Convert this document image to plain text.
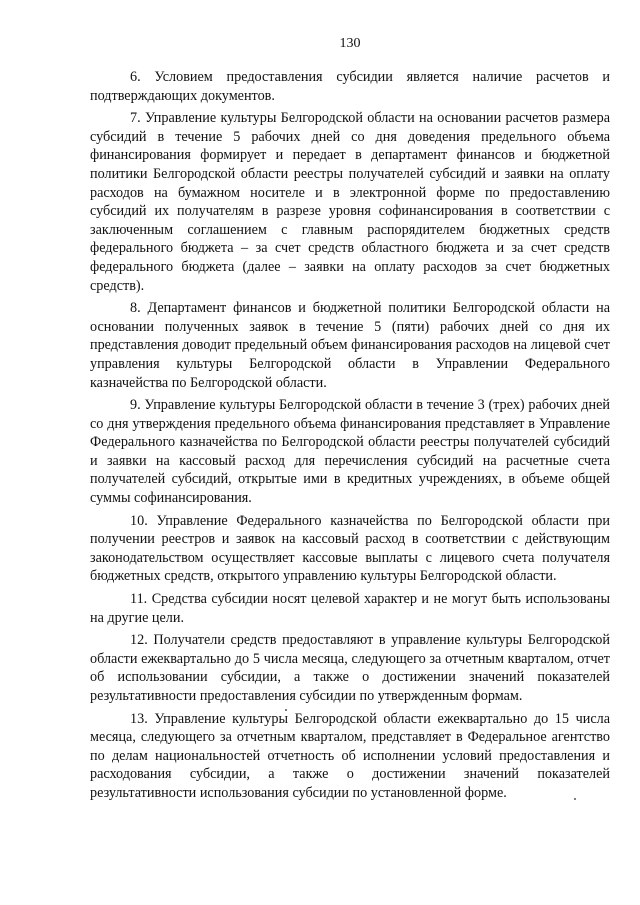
130

6. Условием предоставления субсидии является наличие расчетов и подтверждающих документов.

7. Управление культуры Белгородской области на основании расчетов размера субсидий в течение 5 рабочих дней со дня доведения предельного объема финансирования формирует и передает в департамент финансов и бюджетной политики Белгородской области реестры получателей субсидий и заявки на оплату расходов на бумажном носителе и в электронной форме по предоставлению субсидий их получателям в разрезе уровня софинансирования в соответствии с заключенным соглашением с главным распорядителем бюджетных средств федерального бюджета – за счет средств областного бюджета и за счет средств федерального бюджета (далее – заявки на оплату расходов за счет бюджетных средств).

8. Департамент финансов и бюджетной политики Белгородской области на основании полученных заявок в течение 5 (пяти) рабочих дней со дня их представления доводит предельный объем финансирования расходов на лицевой счет управления культуры Белгородской области в Управлении Федерального казначейства по Белгородской области.

9. Управление культуры Белгородской области в течение 3 (трех) рабочих дней со дня утверждения предельного объема финансирования представляет в Управление Федерального казначейства по Белгородской области реестры получателей субсидий и заявки на кассовый расход для перечисления субсидий на расчетные счета получателей субсидий, открытые ими в кредитных учреждениях, в объеме общей суммы софинансирования.

10. Управление Федерального казначейства по Белгородской области при получении реестров и заявок на кассовый расход в соответствии с действующим законодательством осуществляет кассовые выплаты с лицевого счета получателя бюджетных средств, открытого управлению культуры Белгородской области.

11. Средства субсидии носят целевой характер и не могут быть использованы на другие цели.

12. Получатели средств предоставляют в управление культуры Белгородской области ежеквартально до 5 числа месяца, следующего за отчетным кварталом, отчет об использовании субсидии, а также о достижении значений показателей результативности предоставления субсидии по утвержденным формам.

13. Управление культуры Белгородской области ежеквартально до 15 числа месяца, следующего за отчетным кварталом, представляет в Федеральное агентство по делам национальностей отчетность об исполнении условий предоставления и расходования субсидии, а также о достижении значений показателей результативности использования субсидии по установленной форме.
